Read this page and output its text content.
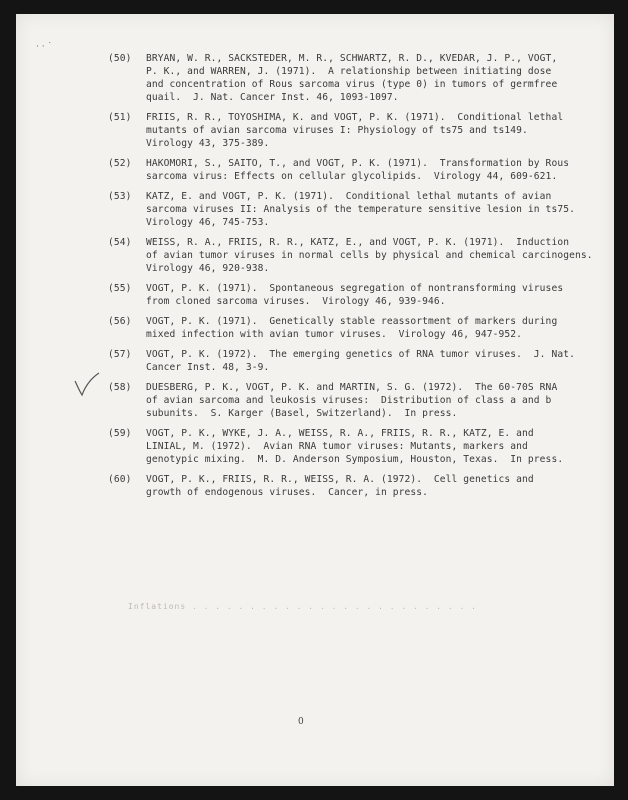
· · ˙
(50) BRYAN, W. R., SACKSTEDER, M. R., SCHWARTZ, R. D., KVEDAR, J. P., VOGT,
P. K., and WARREN, J. (1971).  A relationship between initiating dose
and concentration of Rous sarcoma virus (type 0) in tumors of germfree
quail.  J. Nat. Cancer Inst. 46, 1093-1097.
(51) FRIIS, R. R., TOYOSHIMA, K. and VOGT, P. K. (1971).  Conditional lethal
mutants of avian sarcoma viruses I: Physiology of ts75 and ts149.
Virology 43, 375-389.
(52) HAKOMORI, S., SAITO, T., and VOGT, P. K. (1971).  Transformation by Rous
sarcoma virus: Effects on cellular glycolipids.  Virology 44, 609-621.
(53) KATZ, E. and VOGT, P. K. (1971).  Conditional lethal mutants of avian
sarcoma viruses II: Analysis of the temperature sensitive lesion in ts75.
Virology 46, 745-753.
(54) WEISS, R. A., FRIIS, R. R., KATZ, E., and VOGT, P. K. (1971).  Induction
of avian tumor viruses in normal cells by physical and chemical carcinogens.
Virology 46, 920-938.
(55) VOGT, P. K. (1971).  Spontaneous segregation of nontransforming viruses
from cloned sarcoma viruses.  Virology 46, 939-946.
(56) VOGT, P. K. (1971).  Genetically stable reassortment of markers during
mixed infection with avian tumor viruses.  Virology 46, 947-952.
(57) VOGT, P. K. (1972).  The emerging genetics of RNA tumor viruses.  J. Nat.
Cancer Inst. 48, 3-9.
(58) DUESBERG, P. K., VOGT, P. K. and MARTIN, S. G. (1972).  The 60-70S RNA
of avian sarcoma and leukosis viruses:  Distribution of class a and b
subunits.  S. Karger (Basel, Switzerland).  In press.
(59) VOGT, P. K., WYKE, J. A., WEISS, R. A., FRIIS, R. R., KATZ, E. and
LINIAL, M. (1972).  Avian RNA tumor viruses: Mutants, markers and
genotypic mixing.  M. D. Anderson Symposium, Houston, Texas.  In press.
(60) VOGT, P. K., FRIIS, R. R., WEISS, R. A. (1972).  Cell genetics and
growth of endogenous viruses.  Cancer, in press.
Inflations . . . . . . . . . . . . . . . . . . . . . . . . .
0
